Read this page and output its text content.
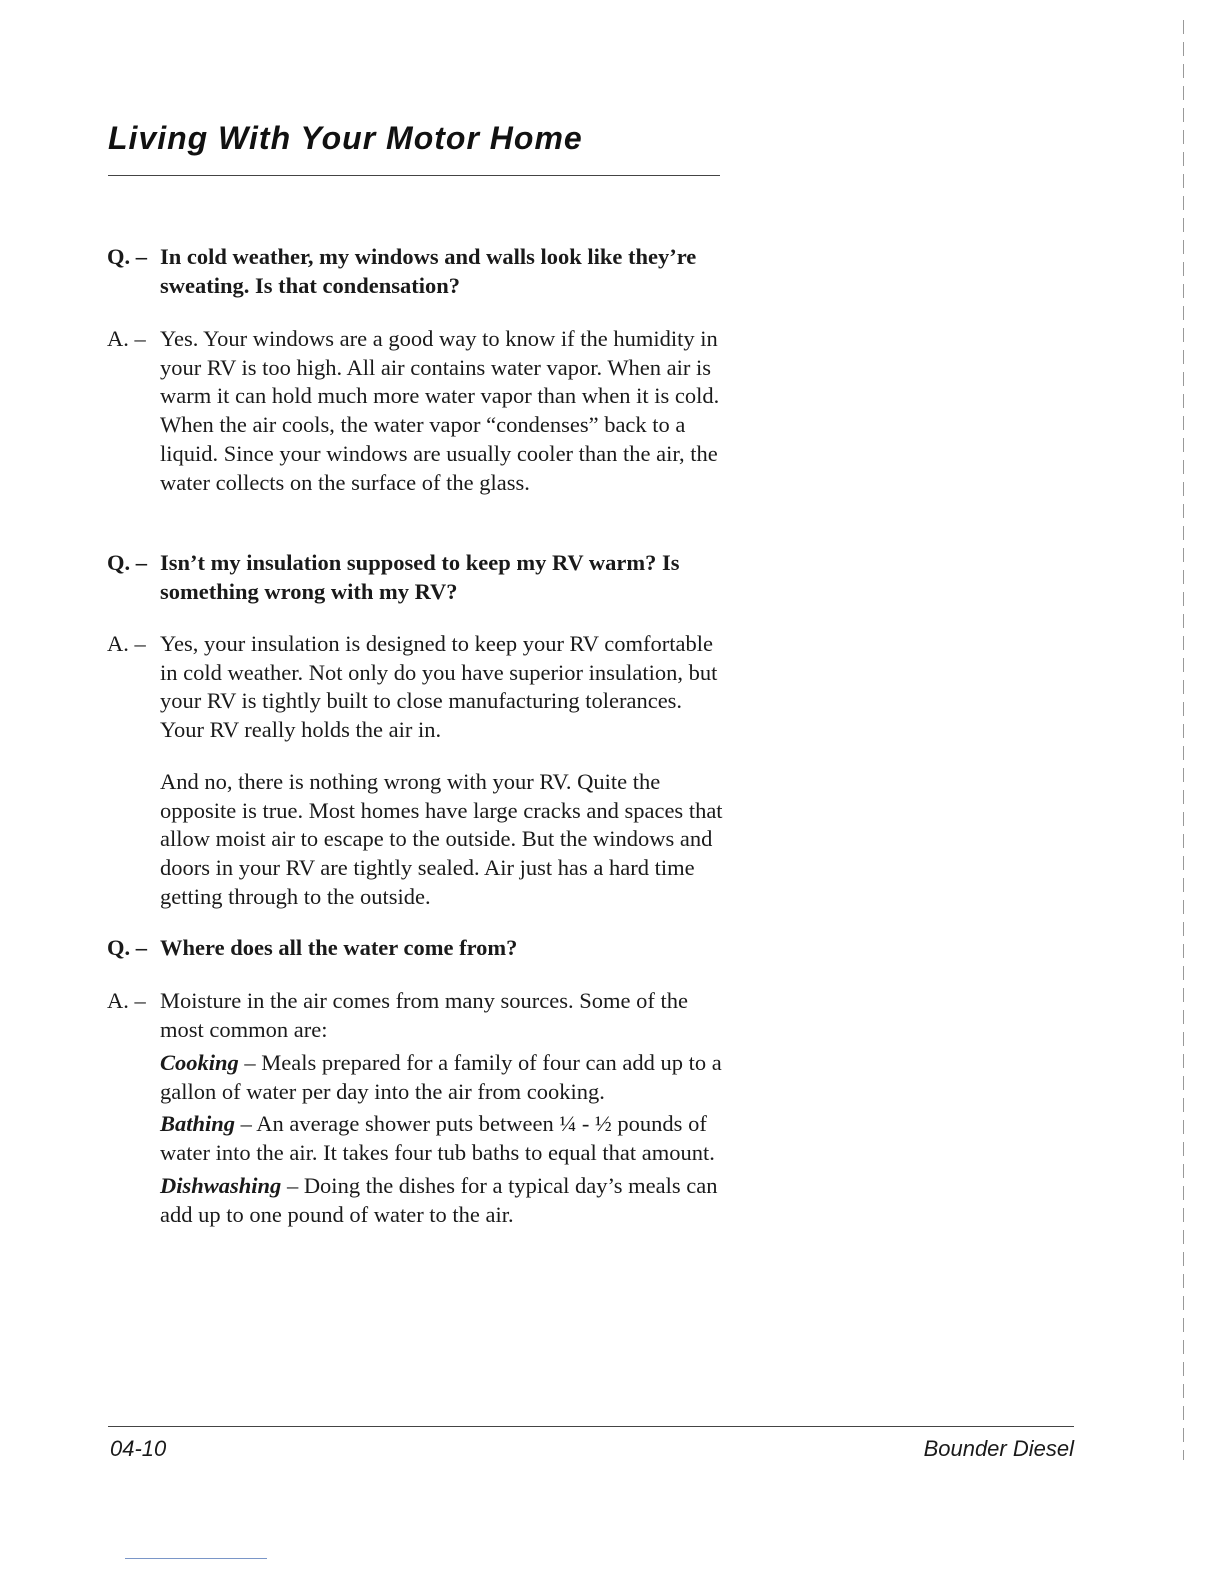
Living With Your Motor Home
Q. – In cold weather, my windows and walls look like they’re sweating. Is that condensation?
A. – Yes. Your windows are a good way to know if the humidity in your RV is too high. All air contains water vapor. When air is warm it can hold much more water vapor than when it is cold. When the air cools, the water vapor “condenses” back to a liquid. Since your windows are usually cooler than the air, the water collects on the surface of the glass.
Q. – Isn’t my insulation supposed to keep my RV warm? Is something wrong with my RV?
A. – Yes, your insulation is designed to keep your RV comfortable in cold weather. Not only do you have superior insulation, but your RV is tightly built to close manufacturing tolerances. Your RV really holds the air in.
And no, there is nothing wrong with your RV. Quite the opposite is true. Most homes have large cracks and spaces that allow moist air to escape to the outside. But the windows and doors in your RV are tightly sealed. Air just has a hard time getting through to the outside.
Q. – Where does all the water come from?
A. – Moisture in the air comes from many sources. Some of the most common are:
Cooking – Meals prepared for a family of four can add up to a gallon of water per day into the air from cooking.
Bathing – An average shower puts between ¼ - ½ pounds of water into the air. It takes four tub baths to equal that amount.
Dishwashing – Doing the dishes for a typical day’s meals can add up to one pound of water to the air.
04-10	Bounder Diesel
